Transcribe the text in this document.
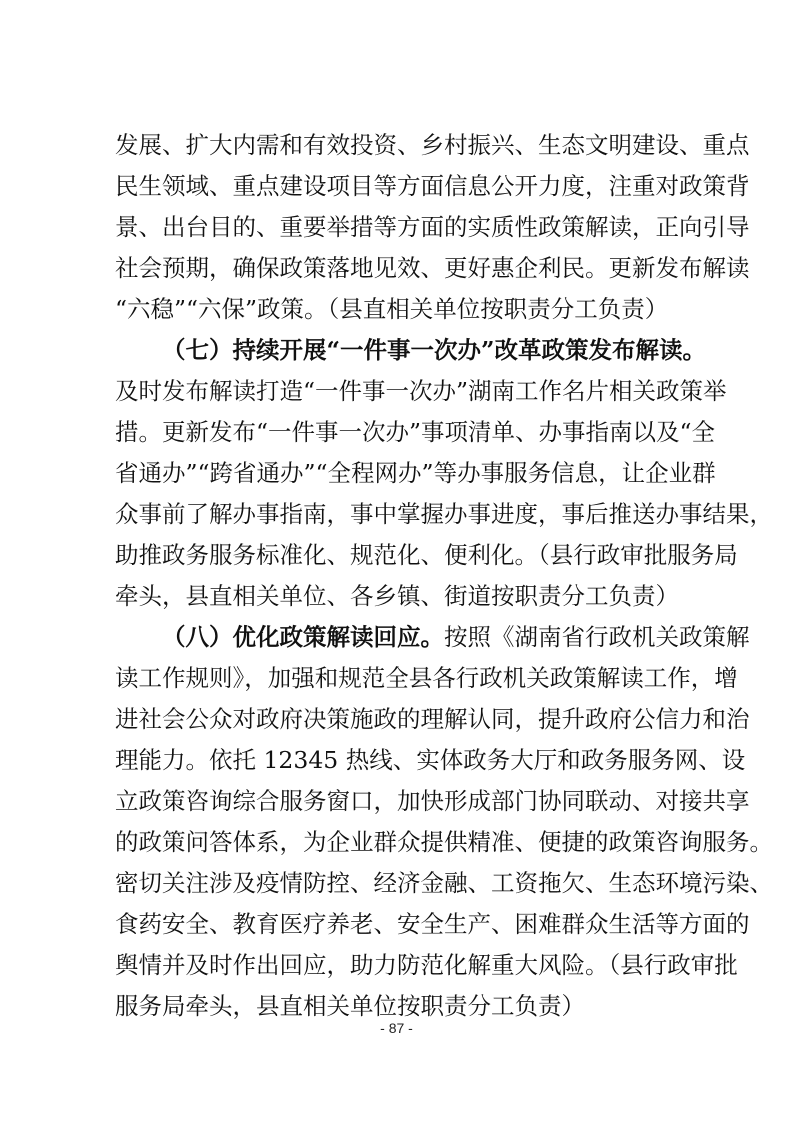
发展、扩大内需和有效投资、乡村振兴、生态文明建设、重点
民生领域、重点建设项目等方面信息公开力度，注重对政策背
景、出台目的、重要举措等方面的实质性政策解读，正向引导
社会预期，确保政策落地见效、更好惠企利民。更新发布解读
“六稳”“六保”政策。（县直相关单位按职责分工负责）
（七）持续开展“一件事一次办”改革政策发布解读。
及时发布解读打造“一件事一次办”湖南工作名片相关政策举
措。更新发布“一件事一次办”事项清单、办事指南以及“全
省通办”“跨省通办”“全程网办”等办事服务信息，让企业群
众事前了解办事指南，事中掌握办事进度，事后推送办事结果，
助推政务服务标准化、规范化、便利化。（县行政审批服务局
牵头，县直相关单位、各乡镇、街道按职责分工负责）
（八）优化政策解读回应。按照《湖南省行政机关政策解
读工作规则》，加强和规范全县各行政机关政策解读工作，增
进社会公众对政府决策施政的理解认同，提升政府公信力和治
理能力。依托 12345 热线、实体政务大厅和政务服务网、设
立政策咨询综合服务窗口，加快形成部门协同联动、对接共享
的政策问答体系，为企业群众提供精准、便捷的政策咨询服务。
密切关注涉及疫情防控、经济金融、工资拖欠、生态环境污染、
食药安全、教育医疗养老、安全生产、困难群众生活等方面的
舆情并及时作出回应，助力防范化解重大风险。（县行政审批
服务局牵头，县直相关单位按职责分工负责）
- 87 -
